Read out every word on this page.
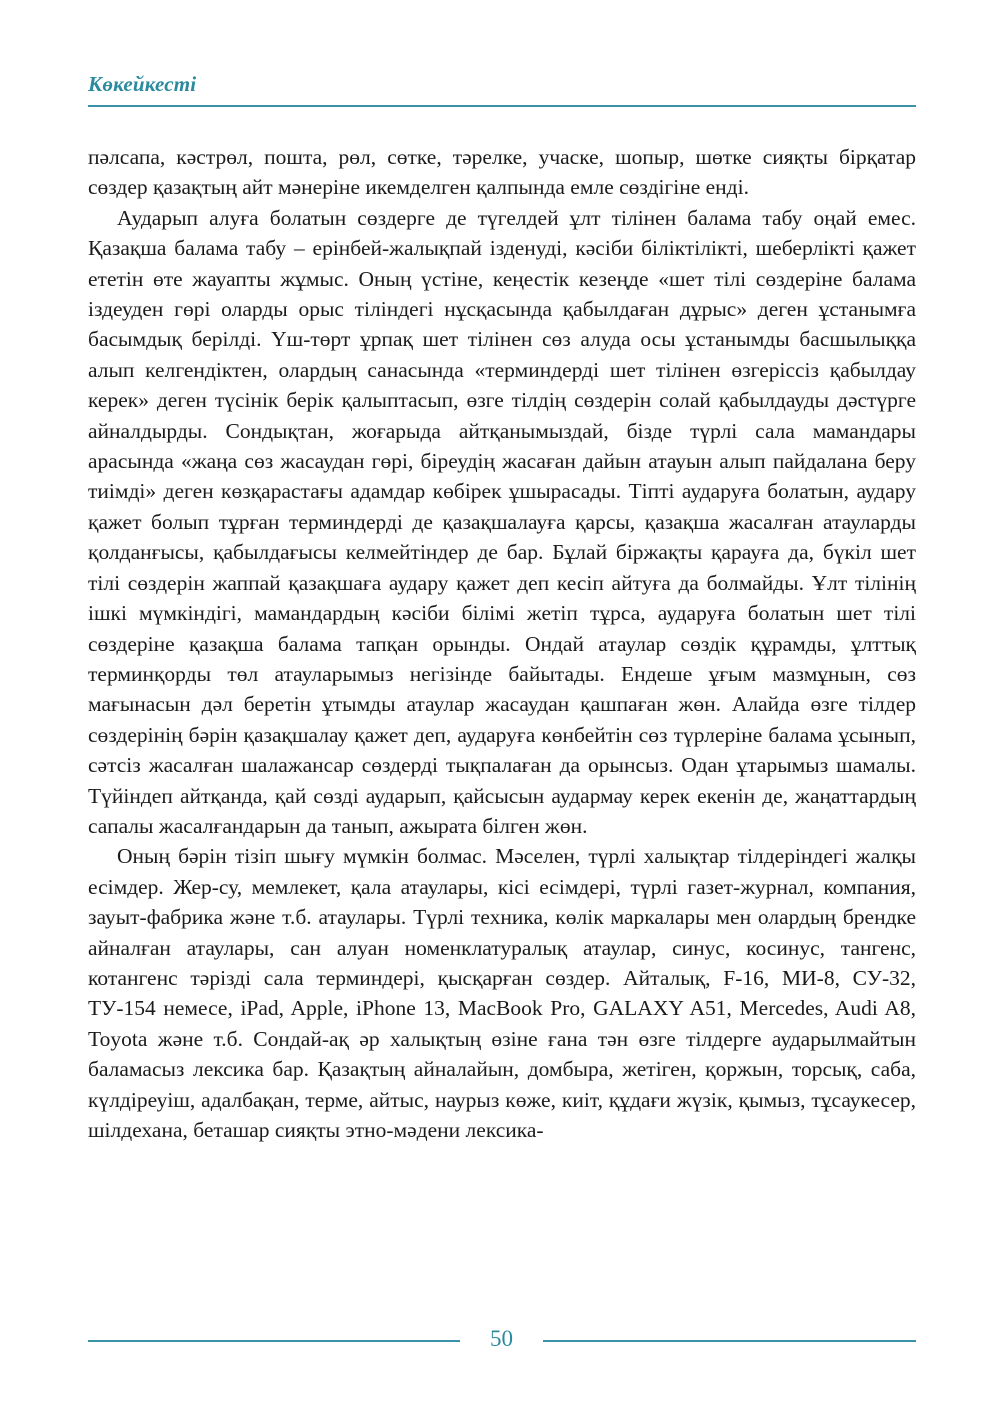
Көкейкесті

пәлсапа, кәстрөл, пошта, рөл, сөтке, тәрелке, учаске, шопыр, шөтке сияқты бірқатар сөздер қазақтың айт мәнеріне икемделген қалпында емле сөздігіне енді.

Аударып алуға болатын сөздерге де түгелдей ұлт тілінен балама табу оңай емес. Қазақша балама табу – ерінбей-жалықпай ізденуді, кәсіби біліктілікті, шеберлікті қажет ететін өте жауапты жұмыс. Оның үстіне, кеңестік кезеңде «шет тілі сөздеріне балама іздеуден гөрі оларды орыс тіліндегі нұсқасында қабылдаған дұрыс» деген ұстанымға басымдық берілді. Үш-төрт ұрпақ шет тілінен сөз алуда осы ұстанымды басшылыққа алып келгендіктен, олардың санасында «терминдерді шет тілінен өзгеріссіз қабылдау керек» деген түсінік берік қалыптасып, өзге тілдің сөздерін солай қабылдауды дәстүрге айналдырды. Сондықтан, жоғарыда айтқанымыздай, бізде түрлі сала мамандары арасында «жаңа сөз жасаудан гөрі, біреудің жасаған дайын атауын алып пайдалана беру тиімді» деген көзқарастағы адамдар көбірек ұшырасады. Тіпті аударуға болатын, аудару қажет болып тұрған терминдерді де қазақшалауға қарсы, қазақша жасалған атауларды қолданғысы, қабылдағысы келмейтіндер де бар. Бұлай біржақты қарауға да, бүкіл шет тілі сөздерін жаппай қазақшаға аудару қажет деп кесіп айтуға да болмайды. Ұлт тілінің ішкі мүмкіндігі, мамандардың кәсіби білімі жетіп тұрса, аударуға болатын шет тілі сөздеріне қазақша балама тапқан орынды. Ондай атаулар сөздік құрамды, ұлттық терминқорды төл атауларымыз негізінде байытады. Ендеше ұғым мазмұнын, сөз мағынасын дәл беретін ұтымды атаулар жасаудан қашпаған жөн. Алайда өзге тілдер сөздерінің бәрін қазақшалау қажет деп, аударуға көнбейтін сөз түрлеріне балама ұсынып, сәтсіз жасалған шалажансар сөздерді тықпалаған да орынсыз. Одан ұтарымыз шамалы. Түйіндеп айтқанда, қай сөзді аударып, қайсысын аудармау керек екенін де, жаңаттардың сапалы жасалғандарын да танып, ажырата білген жөн.

Оның бәрін тізіп шығу мүмкін болмас. Мәселен, түрлі халықтар тілдеріндегі жалқы есімдер. Жер-су, мемлекет, қала атаулары, кісі есімдері, түрлі газет-журнал, компания, зауыт-фабрика және т.б. атаулары. Түрлі техника, көлік маркалары мен олардың брендке айналған атаулары, сан алуан номенклатуралық атаулар, синус, косинус, тангенс, котангенс тәрізді сала терминдері, қысқарған сөздер. Айталық, F-16, МИ-8, СУ-32, ТУ-154 немесе, iPad, Apple, iPhone 13, MacBook Pro, GALAXY A51, Mercedes, Audi A8, Toyota және т.б. Сондай-ақ әр халықтың өзіне ғана тән өзге тілдерге аударылмайтын баламасыз лексика бар. Қазақтың айналайын, домбыра, жетіген, қоржын, торсық, саба, күлдіреуіш, адалбақан, терме, айтыс, наурыз көже, киіт, құдағи жүзік, қымыз, тұсаукесер, шілдехана, беташар сияқты этно-мәдени лексика-

50
